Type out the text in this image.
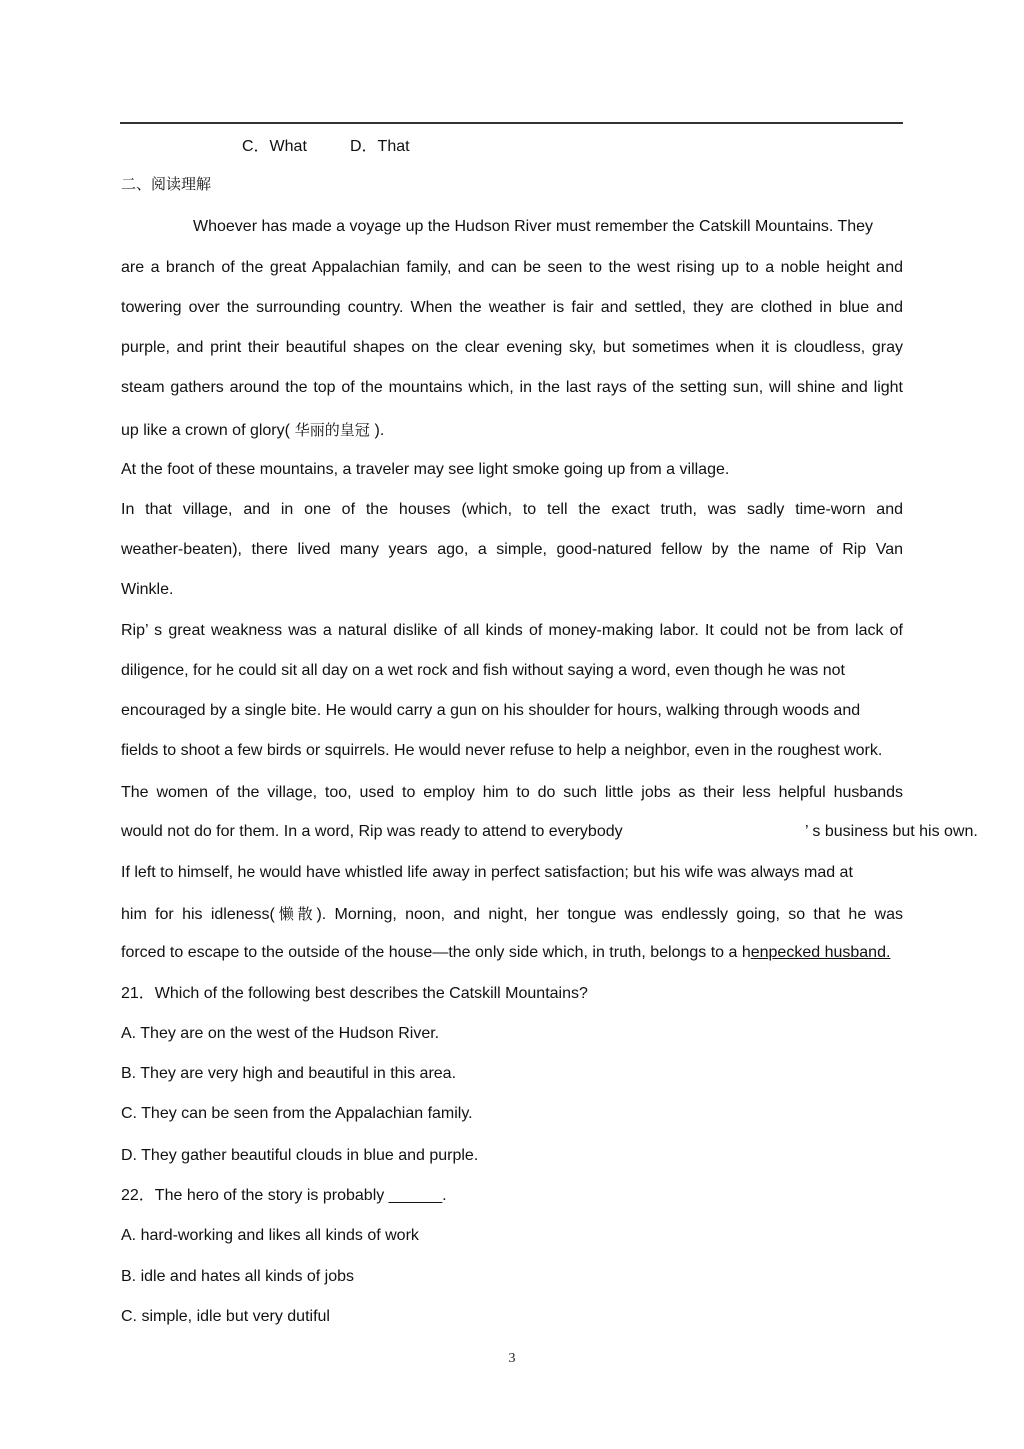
C．What	D．That
二、阅读理解
Whoever has made a voyage up the Hudson River must remember the Catskill Mountains. They
are a branch of the great Appalachian family, and can be seen to the west rising up to a noble height and
towering over the surrounding country. When the weather is fair and settled, they are clothed in blue and
purple, and print their beautiful shapes on the clear evening sky, but sometimes when it is cloudless, gray
steam gathers around the top of the mountains which, in the last rays of the setting sun, will shine and light
up like a crown of glory( 华丽的皇冠 ).
At the foot of these mountains, a traveler may see light smoke going up from a village.
In that village, and in one of the houses (which, to tell the exact truth, was sadly time-worn and
weather-beaten), there lived many years ago, a simple, good-natured fellow by the name of Rip Van
Winkle.
Rip’ s great weakness was a natural dislike of all kinds of money-making labor. It could not be from lack of
diligence, for he could sit all day on a wet rock and fish without saying a word, even though he was not
encouraged by a single bite. He would carry a gun on his shoulder for hours, walking through woods and
fields to shoot a few birds or squirrels. He would never refuse to help a neighbor, even in the roughest work.
The women of the village, too, used to employ him to do such little jobs as their less helpful husbands
would not do for them. In a word, Rip was ready to attend to everybody	’ s business but his own.
If left to himself, he would have whistled life away in perfect satisfaction; but his wife was always mad at
him for his idleness(懒散). Morning, noon, and night, her tongue was endlessly going, so that he was
forced to escape to the outside of the house—the only side which, in truth, belongs to a henpecked husband.
21．Which of the following best describes the Catskill Mountains?
A. They are on the west of the Hudson River.
B. They are very high and beautiful in this area.
C. They can be seen from the Appalachian family.
D. They gather beautiful clouds in blue and purple.
22．The hero of the story is probably ______.
A. hard-working and likes all kinds of work
B. idle and hates all kinds of jobs
C. simple, idle but very dutiful
3
